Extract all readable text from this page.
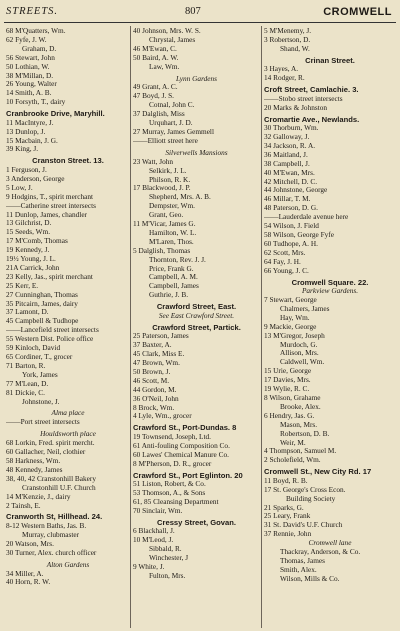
STREETS.	807	CROMWELL
68 M'Quatters, Wm.
62 Fyfe, J. W.
Graham, D.
56 Stewart, John
50 Lothian, W.
38 M'Millan, D.
26 Young, Walter
14 Smith, A. B.
10 Forsyth, T., dairy
Cranbrooke Drive, Maryhill.
11 MacIntyre, J.
13 Dunlop, J.
15 Macbain, J. G.
39 King, J.
Cranston Street. 13.
1 Ferguson, J.
3 Anderson, George
5 Low, J.
9 Hodgins, T., spirit merchant
——Catherine street intersects
11 Dunlop, James, chandler
13 Gilchrist, D.
15 Seeds, Wm.
17 M'Comb, Thomas
19 Kennedy, J.
19½ Young, J. L.
21A Carrick, John
23 Kelly, Jas., spirit merchant
25 Kerr, E.
27 Cunninghan, Thomas
35 Pitcairn, James, dairy
37 Lamont, D.
45 Campbell & Tudhope
——Lancefield street intersects
55 Western Dist. Police office
59 Kinloch, David
65 Cordiner, T., grocer
71 Barton, R.
York, James
77 M'Lean, D.
81 Dickie, C.
Johnstone, J.
Alma place
——Port street intersects
Houldsworth place
68 Lorkin, Fred. spirit mercht.
60 Gallacher, Neil, clothier
58 Harkness, Wm.
48 Kennedy, James
38, 40, 42 Cranstonhill Bakery
Cranstonhill U.F. Church
14 M'Kenzie, J., dairy
2 Tainsh, E.
Cranworth St, Hillhead. 24.
8-12 Western Baths, Jas. B.
Murray, clubmaster
20 Watson, Mrs.
30 Turner, Alex. church officer
Alton Gardens
34 Miller, A.
40 Horn, R. W.
40 Johnson, Mrs. W. S.
Chrystal, James
46 M'Ewan, C.
50 Baird, A. W.
Law, Wm.
Lynn Gardens
49 Grant, A. C.
47 Boyd, J. S.
Cotnal, John C.
37 Dalglish, Miss
Urquhart, J. D.
27 Murray, James Gemmell
——Elliott street here
Silverwells Mansions
23 Watt, John
Selkirk, J. L.
Philson, R. K.
17 Blackwood, J. P.
Shepherd, Mrs. A. B.
Dempster, Wm.
Grant, Geo.
11 M'Vicar, James G.
Hamilton, W. L.
M'Laren, Thos.
5 Dalglish, Thomas
Thornton, Rev. J. J.
Price, Frank G.
Campbell, A. M.
Campbell, James
Guthrie, J. B.
Crawford Street, East.
See East Crawford Street.
Crawford Street, Partick.
25 Paterson, James
37 Baxter, A.
45 Clark, Miss E.
47 Brown, Wm.
50 Brown, J.
46 Scott, M.
44 Gordon, M.
36 O'Neil, John
8 Brock, Wm.
4 Lyle, Wm., grocer
Crawford St., Port-Dundas. 8
19 Townsend, Joseph, Ltd.
61 Anti-fouling Composition Co.
60 Lawes' Chemical Manure Co.
8 M'Pherson, D. R., grocer
Crawford St., Port Eglinton. 20
51 Liston, Robert, & Co.
53 Thomson, A., & Sons
61, 85 Cleansing Department
70 Sinclair, Wm.
Cressy Street, Govan.
6 Blackhall, J.
10 M'Leod, J.
Sibbald, R.
Winchester, J
9 White, J.
Fulton, Mrs.
5 M'Menemy, J.
3 Robertson, D.
Shand, W.
Crinan Street.
3 Hayes, A.
14 Rodger, R.
Croft Street, Camlachie. 3.
——Stobo street intersects
20 Marks & Johnston
Cromartie Ave., Newlands.
30 Thorburn, Wm.
32 Galloway, J.
34 Jackson, R. A.
36 Maitland, J.
38 Campbell, J.
40 M'Ewan, Mrs.
42 Mitchell, D. C.
44 Johnstone, George
46 Millar, T. M.
48 Paterson, D. G.
——Lauderdale avenue here
54 Wilson, J. Field
58 Wilson, George Fyfe
60 Tudhope, A. H.
62 Scott, Mrs.
64 Fay, J. H.
66 Young, J. C.
Cromwell Square. 22.
Parkview Gardens.
7 Stewart, George
Chalmers, James
Hay, Wm.
9 Mackie, George
13 M'Gregor, Joseph
Murdoch, G.
Allison, Mrs.
Caldwell, Wm.
15 Urie, George
17 Davies, Mrs.
19 Wylie, R. C.
8 Wilson, Grahame
Brooke, Alex.
6 Hendry, Jas. G.
Mason, Mrs.
Robertson, D. B.
Weir, M.
4 Thompson, Samuel M.
2 Scholefield, Wm.
Cromwell St., New City Rd. 17
11 Boyd, R. B.
17 St. George's Cross Econ.
Building Society
21 Sparks, G.
25 Leary, Frank
31 St. David's U.F. Church
37 Rennie, John
Cromwell lane
Thackray, Anderson, & Co.
Thomas, James
Smith, Alex.
Wilson, Mills & Co.
